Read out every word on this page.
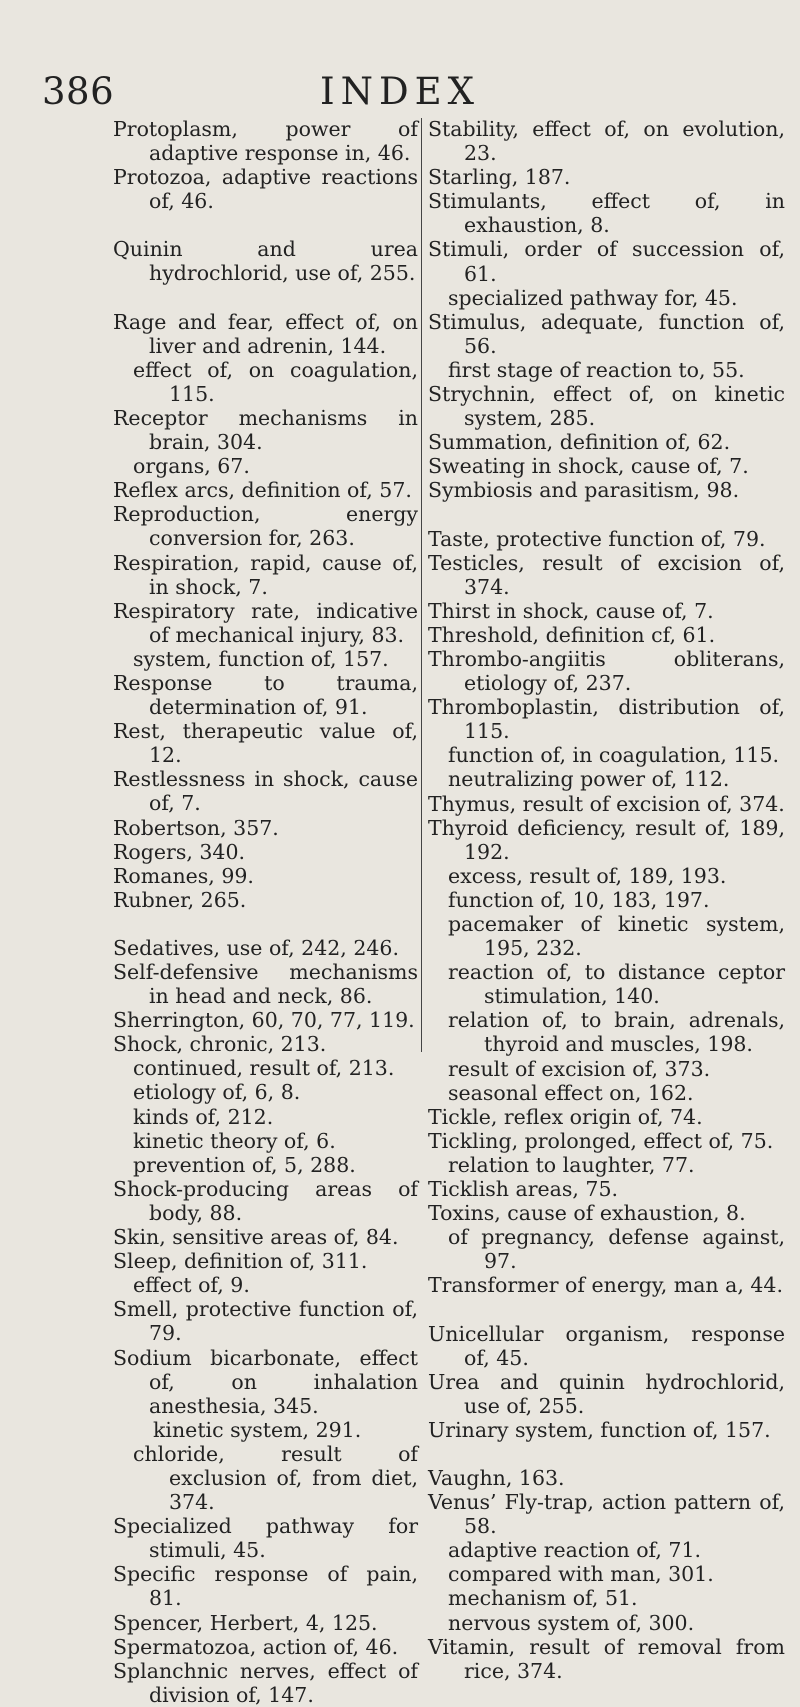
386	INDEX
Protoplasm, power of adaptive response in, 46.
Protozoa, adaptive reactions of, 46.
Quinin and urea hydrochlorid, use of, 255.
Rage and fear, effect of, on liver and adrenin, 144.
effect of, on coagulation, 115.
Receptor mechanisms in brain, 304.
organs, 67.
Reflex arcs, definition of, 57.
Reproduction, energy conversion for, 263.
Respiration, rapid, cause of, in shock, 7.
Respiratory rate, indicative of mechanical injury, 83.
system, function of, 157.
Response to trauma, determination of, 91.
Rest, therapeutic value of, 12.
Restlessness in shock, cause of, 7.
Robertson, 357.
Rogers, 340.
Romanes, 99.
Rubner, 265.
Sedatives, use of, 242, 246.
Self-defensive mechanisms in head and neck, 86.
Sherrington, 60, 70, 77, 119.
Shock, chronic, 213.
continued, result of, 213.
etiology of, 6, 8.
kinds of, 212.
kinetic theory of, 6.
prevention of, 5, 288.
Shock-producing areas of body, 88.
Skin, sensitive areas of, 84.
Sleep, definition of, 311.
effect of, 9.
Smell, protective function of, 79.
Sodium bicarbonate, effect of, on inhalation anesthesia, 345.
kinetic system, 291.
chloride, result of exclusion of, from diet, 374.
Specialized pathway for stimuli, 45.
Specific response of pain, 81.
Spencer, Herbert, 4, 125.
Spermatozoa, action of, 46.
Splanchnic nerves, effect of division of, 147.
Stability, effect of, on evolution, 23.
Starling, 187.
Stimulants, effect of, in exhaustion, 8.
Stimuli, order of succession of, 61.
specialized pathway for, 45.
Stimulus, adequate, function of, 56.
first stage of reaction to, 55.
Strychnin, effect of, on kinetic system, 285.
Summation, definition of, 62.
Sweating in shock, cause of, 7.
Symbiosis and parasitism, 98.
Taste, protective function of, 79.
Testicles, result of excision of, 374.
Thirst in shock, cause of, 7.
Threshold, definition cf, 61.
Thrombo-angiitis obliterans, etiology of, 237.
Thromboplastin, distribution of, 115.
function of, in coagulation, 115.
neutralizing power of, 112.
Thymus, result of excision of, 374.
Thyroid deficiency, result of, 189, 192.
excess, result of, 189, 193.
function of, 10, 183, 197.
pacemaker of kinetic system, 195, 232.
reaction of, to distance ceptor stimulation, 140.
relation of, to brain, adrenals, thyroid and muscles, 198.
result of excision of, 373.
seasonal effect on, 162.
Tickle, reflex origin of, 74.
Tickling, prolonged, effect of, 75.
relation to laughter, 77.
Ticklish areas, 75.
Toxins, cause of exhaustion, 8.
of pregnancy, defense against, 97.
Transformer of energy, man a, 44.
Unicellular organism, response of, 45.
Urea and quinin hydrochlorid, use of, 255.
Urinary system, function of, 157.
Vaughn, 163.
Venus’ Fly-trap, action pattern of, 58.
adaptive reaction of, 71.
compared with man, 301.
mechanism of, 51.
nervous system of, 300.
Vitamin, result of removal from rice, 374.
